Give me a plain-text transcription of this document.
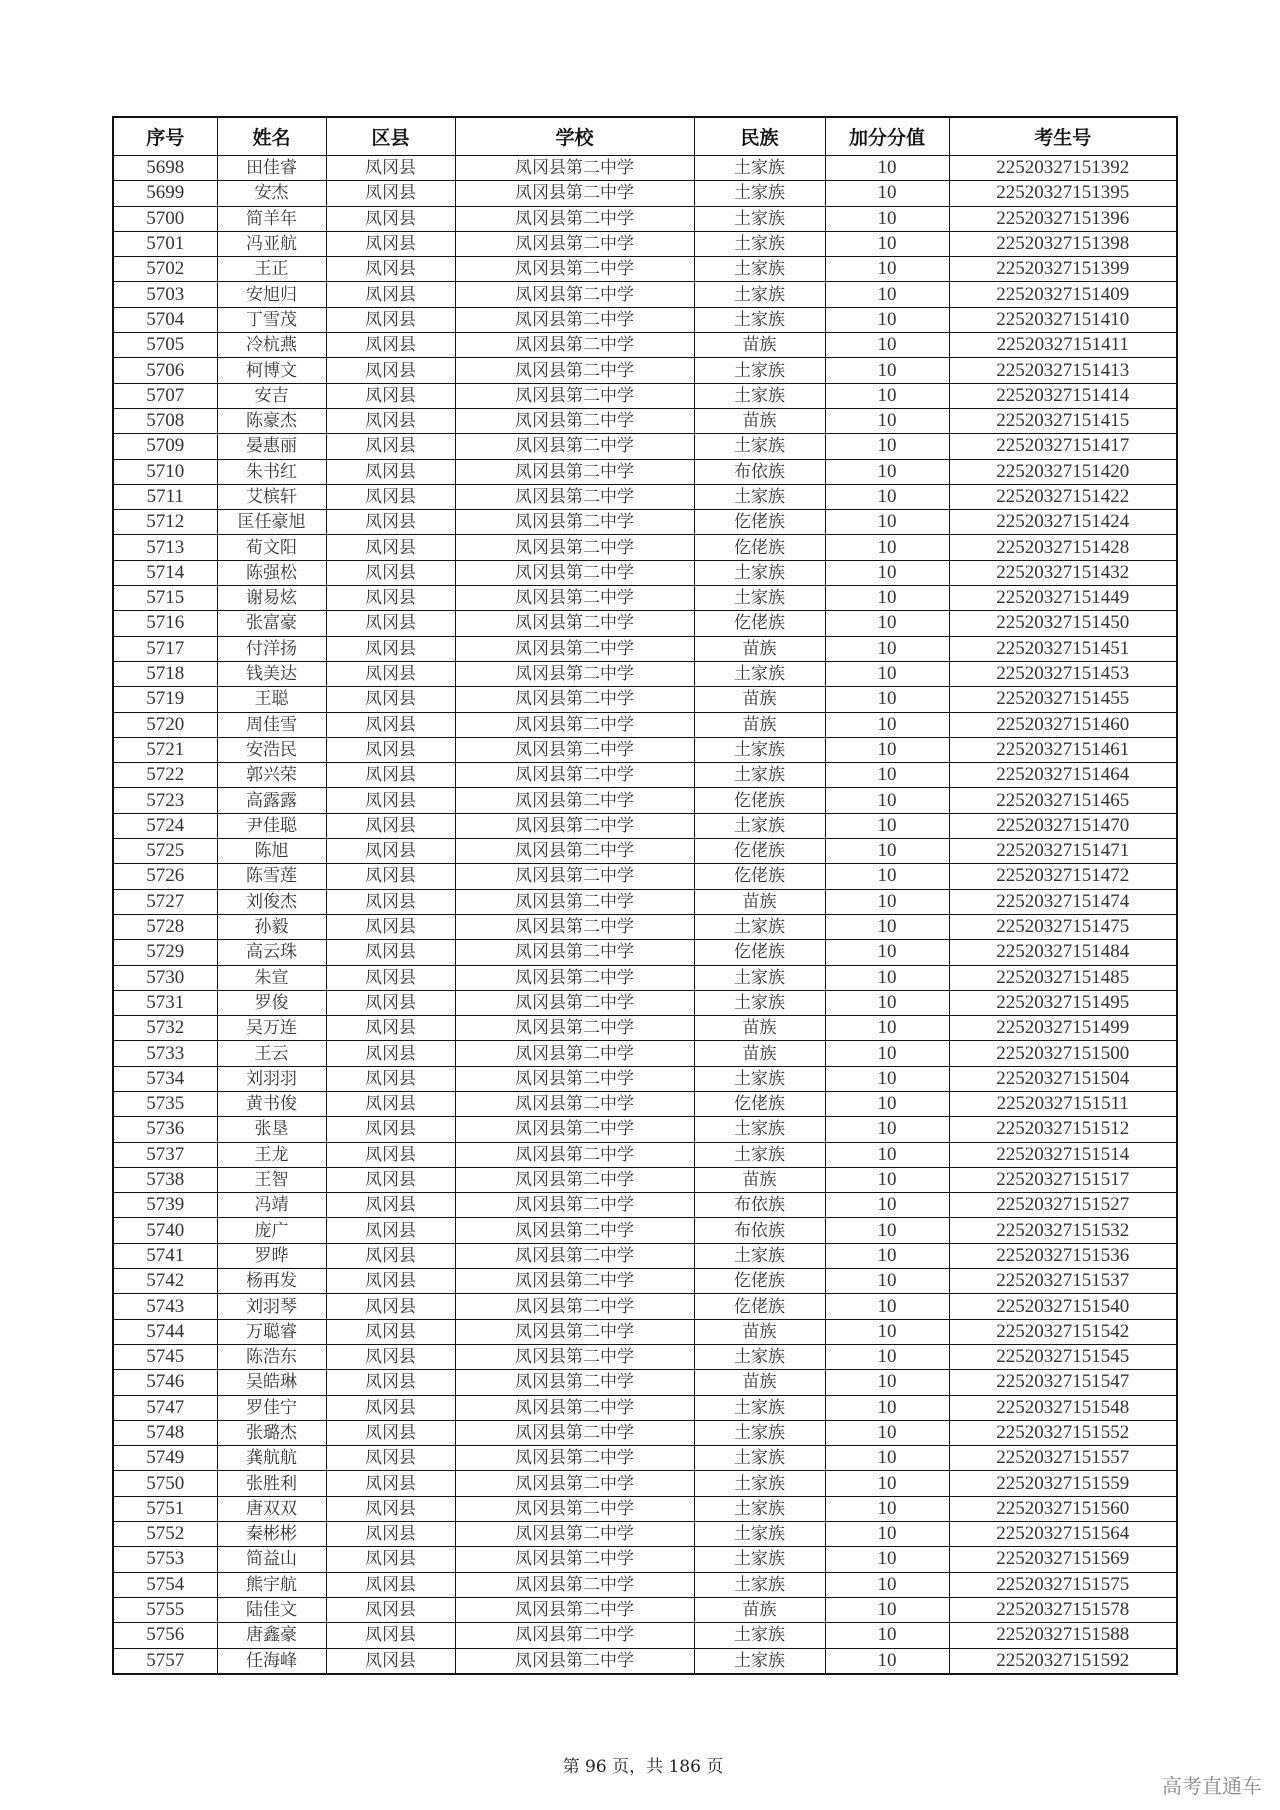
序号	姓名	区县	学校	民族	加分分值	考生号
5698	田佳睿	凤冈县	凤冈县第二中学	土家族	10	22520327151392
5699	安杰	凤冈县	凤冈县第二中学	土家族	10	22520327151395
5700	简羊年	凤冈县	凤冈县第二中学	土家族	10	22520327151396
5701	冯亚航	凤冈县	凤冈县第二中学	土家族	10	22520327151398
5702	王正	凤冈县	凤冈县第二中学	土家族	10	22520327151399
5703	安旭归	凤冈县	凤冈县第二中学	土家族	10	22520327151409
5704	丁雪茂	凤冈县	凤冈县第二中学	土家族	10	22520327151410
5705	冷杭燕	凤冈县	凤冈县第二中学	苗族	10	22520327151411
5706	柯博文	凤冈县	凤冈县第二中学	土家族	10	22520327151413
5707	安吉	凤冈县	凤冈县第二中学	土家族	10	22520327151414
5708	陈豪杰	凤冈县	凤冈县第二中学	苗族	10	22520327151415
5709	晏惠丽	凤冈县	凤冈县第二中学	土家族	10	22520327151417
5710	朱书红	凤冈县	凤冈县第二中学	布依族	10	22520327151420
5711	艾槟轩	凤冈县	凤冈县第二中学	土家族	10	22520327151422
5712	匡任豪旭	凤冈县	凤冈县第二中学	仡佬族	10	22520327151424
5713	荀文阳	凤冈县	凤冈县第二中学	仡佬族	10	22520327151428
5714	陈强松	凤冈县	凤冈县第二中学	土家族	10	22520327151432
5715	谢易炫	凤冈县	凤冈县第二中学	土家族	10	22520327151449
5716	张富豪	凤冈县	凤冈县第二中学	仡佬族	10	22520327151450
5717	付洋扬	凤冈县	凤冈县第二中学	苗族	10	22520327151451
5718	钱美达	凤冈县	凤冈县第二中学	土家族	10	22520327151453
5719	王聪	凤冈县	凤冈县第二中学	苗族	10	22520327151455
5720	周佳雪	凤冈县	凤冈县第二中学	苗族	10	22520327151460
5721	安浩民	凤冈县	凤冈县第二中学	土家族	10	22520327151461
5722	郭兴荣	凤冈县	凤冈县第二中学	土家族	10	22520327151464
5723	高露露	凤冈县	凤冈县第二中学	仡佬族	10	22520327151465
5724	尹佳聪	凤冈县	凤冈县第二中学	土家族	10	22520327151470
5725	陈旭	凤冈县	凤冈县第二中学	仡佬族	10	22520327151471
5726	陈雪莲	凤冈县	凤冈县第二中学	仡佬族	10	22520327151472
5727	刘俊杰	凤冈县	凤冈县第二中学	苗族	10	22520327151474
5728	孙毅	凤冈县	凤冈县第二中学	土家族	10	22520327151475
5729	高云珠	凤冈县	凤冈县第二中学	仡佬族	10	22520327151484
5730	朱宣	凤冈县	凤冈县第二中学	土家族	10	22520327151485
5731	罗俊	凤冈县	凤冈县第二中学	土家族	10	22520327151495
5732	吴万连	凤冈县	凤冈县第二中学	苗族	10	22520327151499
5733	王云	凤冈县	凤冈县第二中学	苗族	10	22520327151500
5734	刘羽羽	凤冈县	凤冈县第二中学	土家族	10	22520327151504
5735	黄书俊	凤冈县	凤冈县第二中学	仡佬族	10	22520327151511
5736	张垦	凤冈县	凤冈县第二中学	土家族	10	22520327151512
5737	王龙	凤冈县	凤冈县第二中学	土家族	10	22520327151514
5738	王智	凤冈县	凤冈县第二中学	苗族	10	22520327151517
5739	冯靖	凤冈县	凤冈县第二中学	布依族	10	22520327151527
5740	庞广	凤冈县	凤冈县第二中学	布依族	10	22520327151532
5741	罗晔	凤冈县	凤冈县第二中学	土家族	10	22520327151536
5742	杨再发	凤冈县	凤冈县第二中学	仡佬族	10	22520327151537
5743	刘羽琴	凤冈县	凤冈县第二中学	仡佬族	10	22520327151540
5744	万聪睿	凤冈县	凤冈县第二中学	苗族	10	22520327151542
5745	陈浩东	凤冈县	凤冈县第二中学	土家族	10	22520327151545
5746	吴皓琳	凤冈县	凤冈县第二中学	苗族	10	22520327151547
5747	罗佳宁	凤冈县	凤冈县第二中学	土家族	10	22520327151548
5748	张璐杰	凤冈县	凤冈县第二中学	土家族	10	22520327151552
5749	龚航航	凤冈县	凤冈县第二中学	土家族	10	22520327151557
5750	张胜利	凤冈县	凤冈县第二中学	土家族	10	22520327151559
5751	唐双双	凤冈县	凤冈县第二中学	土家族	10	22520327151560
5752	秦彬彬	凤冈县	凤冈县第二中学	土家族	10	22520327151564
5753	简益山	凤冈县	凤冈县第二中学	土家族	10	22520327151569
5754	熊宇航	凤冈县	凤冈县第二中学	土家族	10	22520327151575
5755	陆佳文	凤冈县	凤冈县第二中学	苗族	10	22520327151578
5756	唐鑫豪	凤冈县	凤冈县第二中学	土家族	10	22520327151588
5757	任海峰	凤冈县	凤冈县第二中学	土家族	10	22520327151592
第 96 页，共 186 页
高考直通车
